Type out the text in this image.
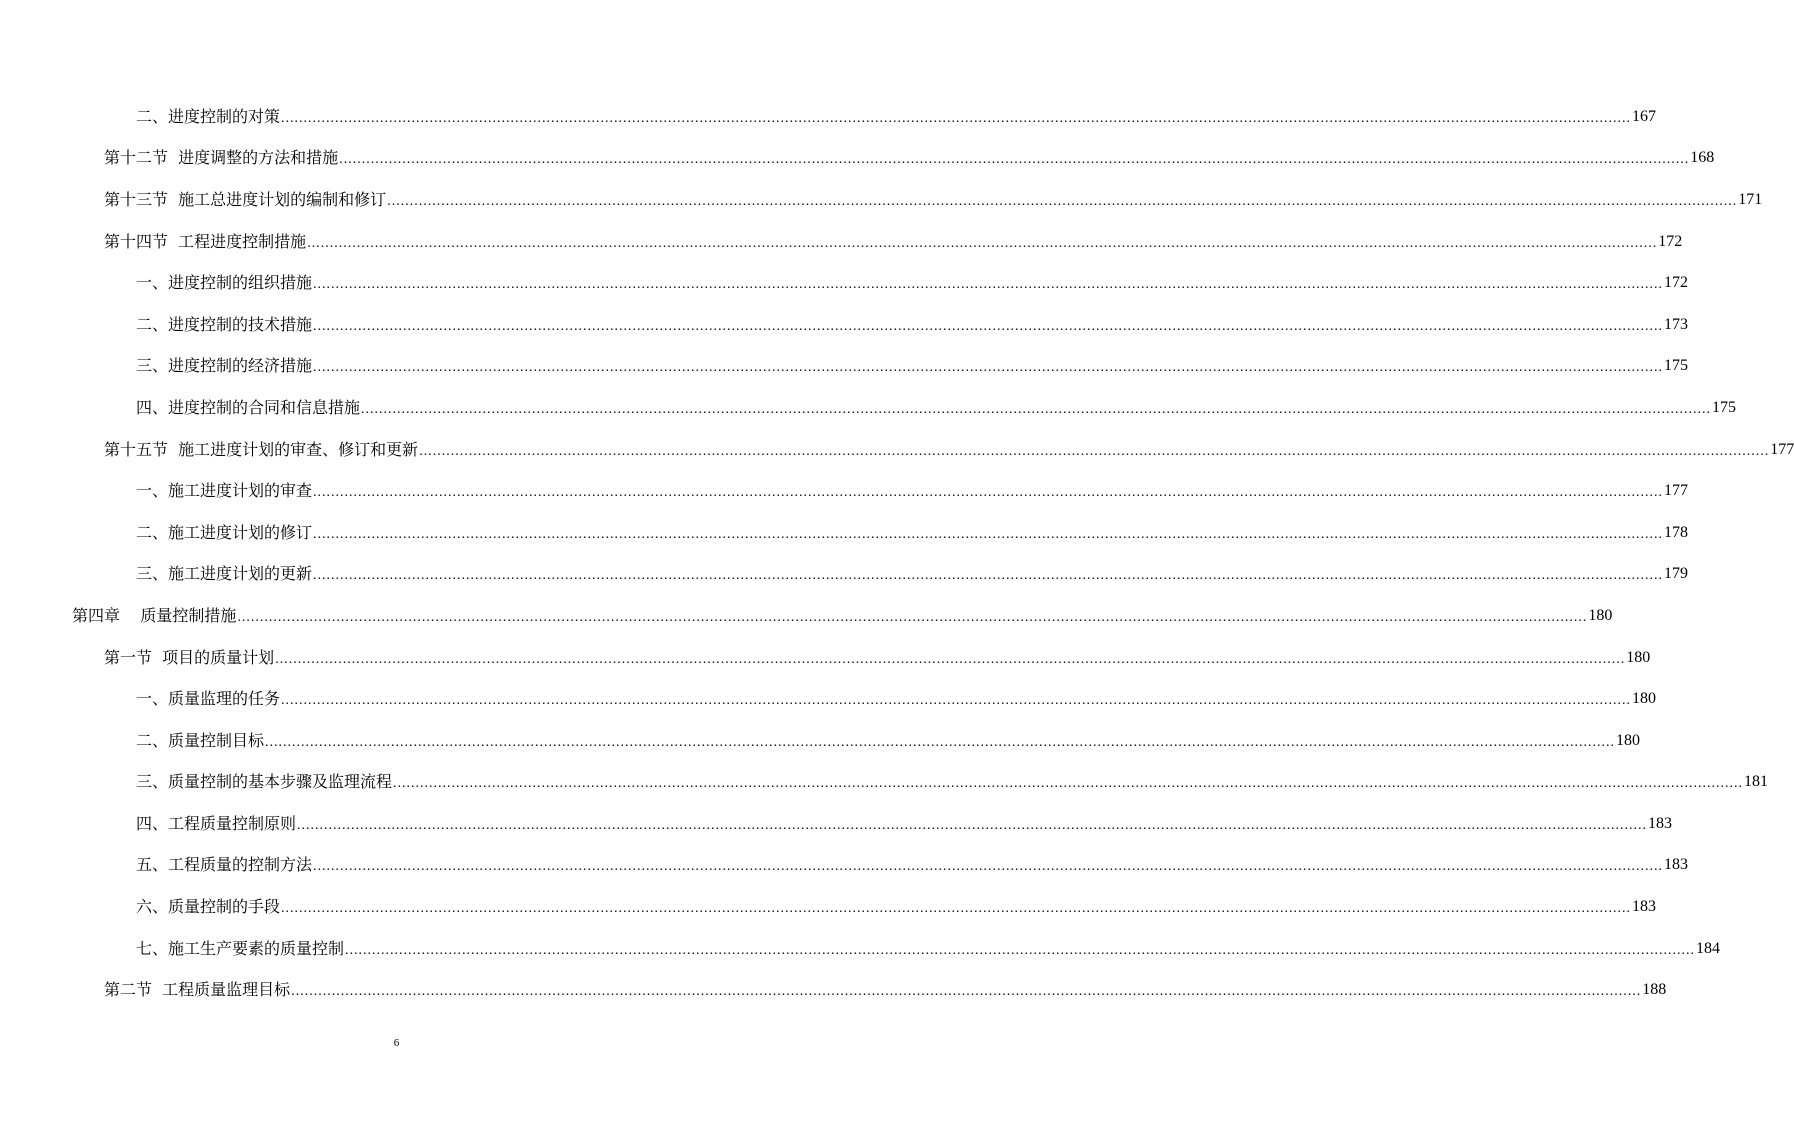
二、进度控制的对策 ............................................................................................................................................................................................................................................................................................................ 167
第十二节  进度调整的方法和措施 ............................................................................................................................................................................................................................................................................................................ 168
第十三节  施工总进度计划的编制和修订 ............................................................................................................................................................................................................................................................................................................ 171
第十四节  工程进度控制措施 ............................................................................................................................................................................................................................................................................................................ 172
一、进度控制的组织措施 ............................................................................................................................................................................................................................................................................................................ 172
二、进度控制的技术措施 ............................................................................................................................................................................................................................................................................................................ 173
三、进度控制的经济措施 ............................................................................................................................................................................................................................................................................................................ 175
四、进度控制的合同和信息措施 ............................................................................................................................................................................................................................................................................................................ 175
第十五节  施工进度计划的审查、修订和更新 ............................................................................................................................................................................................................................................................................................................ 177
一、施工进度计划的审查 ............................................................................................................................................................................................................................................................................................................ 177
二、施工进度计划的修订 ............................................................................................................................................................................................................................................................................................................ 178
三、施工进度计划的更新 ............................................................................................................................................................................................................................................................................................................ 179
第四章    质量控制措施 ............................................................................................................................................................................................................................................................................................................ 180
第一节  项目的质量计划 ............................................................................................................................................................................................................................................................................................................ 180
一、质量监理的任务 ............................................................................................................................................................................................................................................................................................................ 180
二、质量控制目标 ............................................................................................................................................................................................................................................................................................................ 180
三、质量控制的基本步骤及监理流程 ............................................................................................................................................................................................................................................................................................................ 181
四、工程质量控制原则 ............................................................................................................................................................................................................................................................................................................ 183
五、工程质量的控制方法 ............................................................................................................................................................................................................................................................................................................ 183
六、质量控制的手段 ............................................................................................................................................................................................................................................................................................................ 183
七、施工生产要素的质量控制 ............................................................................................................................................................................................................................................................................................................ 184
第二节  工程质量监理目标 ............................................................................................................................................................................................................................................................................................................ 188
6
